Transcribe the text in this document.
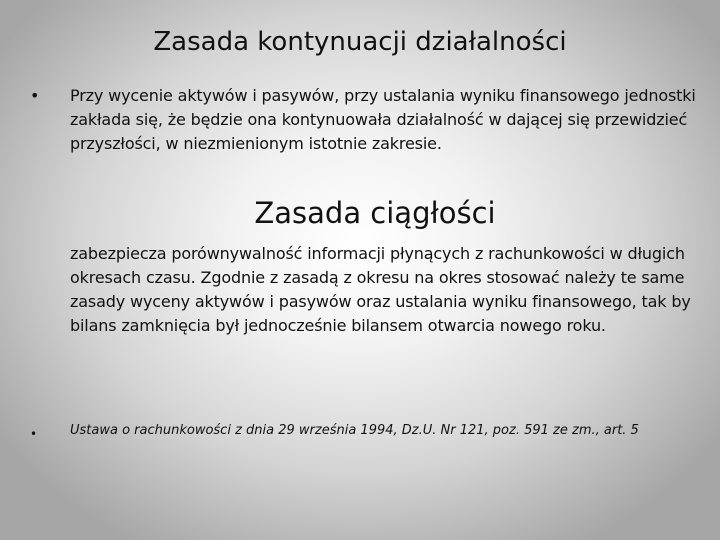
Zasada kontynuacji działalności
• Przy wycenie aktywów i pasywów, przy ustalania wyniku finansowego jednostki zakłada się, że będzie ona kontynuowała działalność w dającej się przewidzieć przyszłości, w niezmienionym istotnie zakresie.
Zasada ciągłości
zabezpiecza porównywalność informacji płynących z rachunkowości w długich okresach czasu. Zgodnie z zasadą z okresu na okres stosować należy te same zasady wyceny aktywów i pasywów oraz ustalania wyniku finansowego, tak by bilans zamknięcia był jednocześnie bilansem otwarcia nowego roku.
•	Ustawa o rachunkowości z dnia 29 września 1994, Dz.U. Nr 121, poz. 591 ze zm., art. 5
